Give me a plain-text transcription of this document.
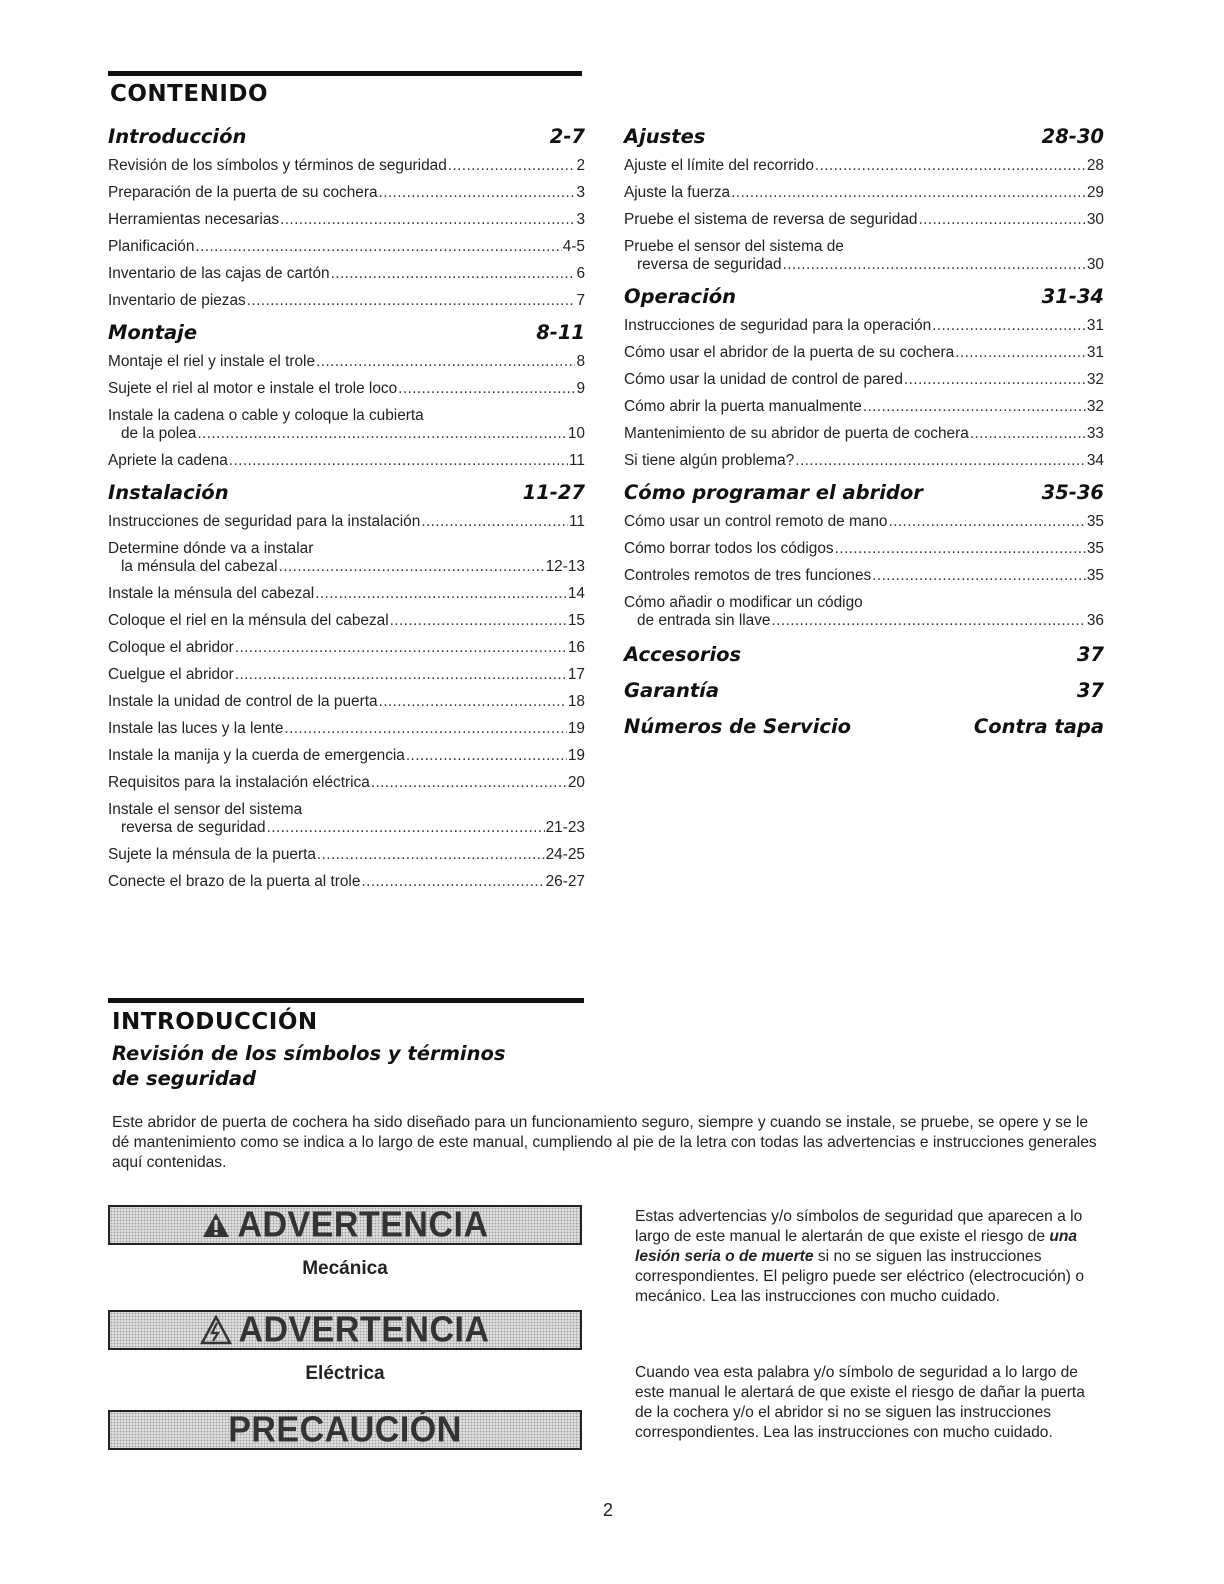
CONTENIDO
Introducción	2-7
Revisión de los símbolos y términos de seguridad .....	2
Preparación de la puerta de su cochera .....	3
Herramientas necesarias .....	3
Planificación .....	4-5
Inventario de las cajas de cartón .....	6
Inventario de piezas .....	7
Montaje	8-11
Montaje el riel y instale el trole .....	8
Sujete el riel al motor e instale el trole loco .....	9
Instale la cadena o cable y coloque la cubierta
de la polea .....	10
Apriete la cadena .....	11
Instalación	11-27
Instrucciones de seguridad para la instalación .....	11
Determine dónde va a instalar
la ménsula del cabezal .....	12-13
Instale la ménsula del cabezal .....	14
Coloque el riel en la ménsula del cabezal .....	15
Coloque el abridor .....	16
Cuelgue el abridor .....	17
Instale la unidad de control de la puerta .....	18
Instale las luces y la lente .....	19
Instale la manija y la cuerda de emergencia .....	19
Requisitos para la instalación eléctrica .....	20
Instale el sensor del sistema
reversa de seguridad .....	21-23
Sujete la ménsula de la puerta .....	24-25
Conecte el brazo de la puerta al trole .....	26-27
Ajustes	28-30
Ajuste el límite del recorrido .....	28
Ajuste la fuerza .....	29
Pruebe el sistema de reversa de seguridad .....	30
Pruebe el sensor del sistema de
reversa de seguridad .....	30
Operación	31-34
Instrucciones de seguridad para la operación .....	31
Cómo usar el abridor de la puerta de su cochera .....	31
Cómo usar la unidad de control de pared .....	32
Cómo abrir la puerta manualmente .....	32
Mantenimiento de su abridor de puerta de cochera .....	33
Si tiene algún problema? .....	34
Cómo programar el abridor	35-36
Cómo usar un control remoto de mano .....	35
Cómo borrar todos los códigos .....	35
Controles remotos de tres funciones .....	35
Cómo añadir o modificar un código
de entrada sin llave .....	36
Accesorios	37
Garantía	37
Números de Servicio	Contra tapa
INTRODUCCIÓN
Revisión de los símbolos y términos
de seguridad
Este abridor de puerta de cochera ha sido diseñado para un funcionamiento seguro, siempre y cuando se instale, se pruebe, se opere y se le dé mantenimiento como se indica a lo largo de este manual, cumpliendo al pie de la letra con todas las advertencias e instrucciones generales aquí contenidas.
ADVERTENCIA
Mecánica
ADVERTENCIA
Eléctrica
PRECAUCIÓN
Estas advertencias y/o símbolos de seguridad que aparecen a lo largo de este manual le alertarán de que existe el riesgo de una lesión seria o de muerte si no se siguen las instrucciones correspondientes. El peligro puede ser eléctrico (electrocución) o mecánico. Lea las instrucciones con mucho cuidado.
Cuando vea esta palabra y/o símbolo de seguridad a lo largo de este manual le alertará de que existe el riesgo de dañar la puerta de la cochera y/o el abridor si no se siguen las instrucciones correspondientes. Lea las instrucciones con mucho cuidado.
2
